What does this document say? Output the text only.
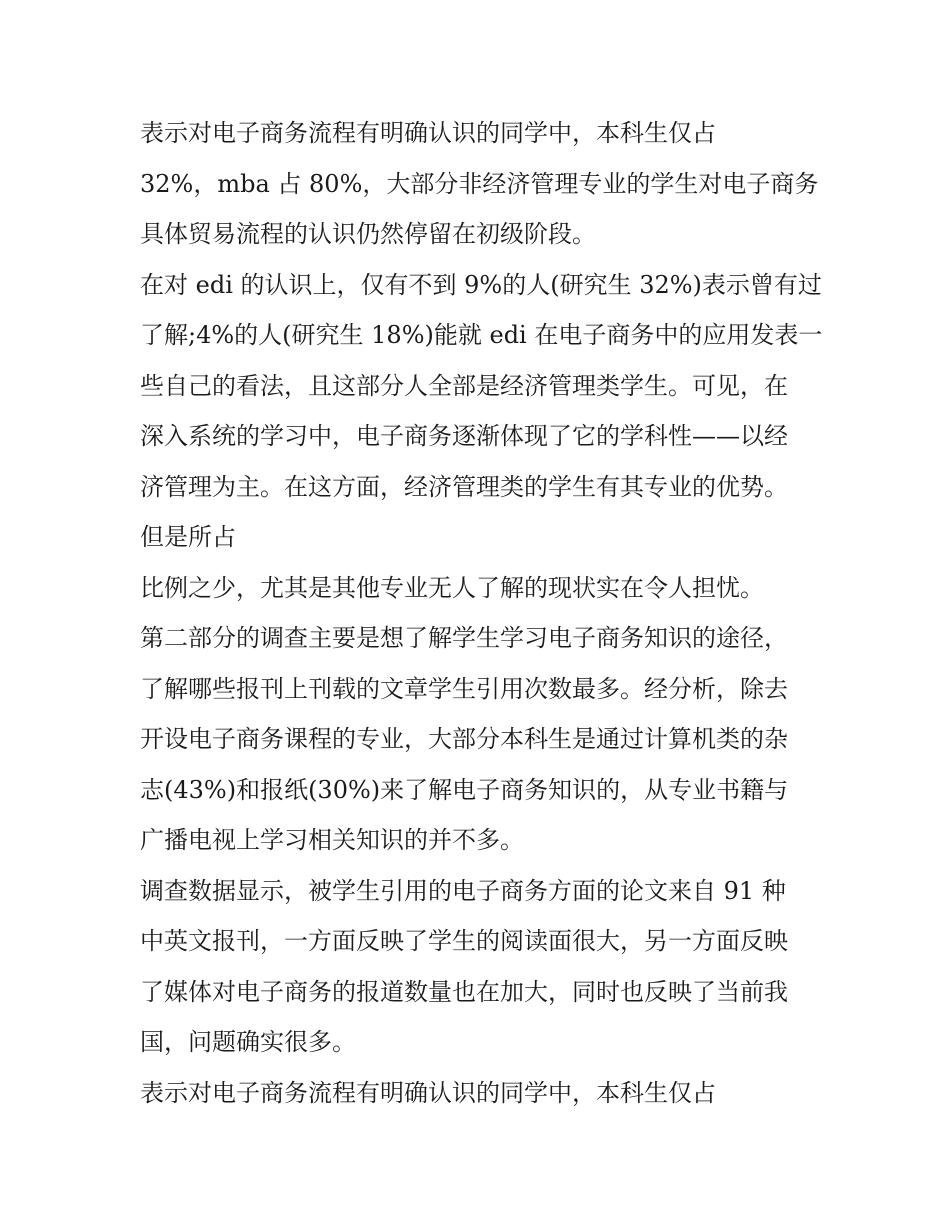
表示对电子商务流程有明确认识的同学中，本科生仅占
32%，mba 占 80%，大部分非经济管理专业的学生对电子商务
具体贸易流程的认识仍然停留在初级阶段。
在对 edi 的认识上，仅有不到 9%的人(研究生 32%)表示曾有过
了解;4%的人(研究生 18%)能就 edi 在电子商务中的应用发表一
些自己的看法，且这部分人全部是经济管理类学生。可见，在
深入系统的学习中，电子商务逐渐体现了它的学科性——以经
济管理为主。在这方面，经济管理类的学生有其专业的优势。
但是所占
比例之少，尤其是其他专业无人了解的现状实在令人担忧。
第二部分的调查主要是想了解学生学习电子商务知识的途径，
了解哪些报刊上刊载的文章学生引用次数最多。经分析，除去
开设电子商务课程的专业，大部分本科生是通过计算机类的杂
志(43%)和报纸(30%)来了解电子商务知识的，从专业书籍与
广播电视上学习相关知识的并不多。
调查数据显示，被学生引用的电子商务方面的论文来自 91 种
中英文报刊，一方面反映了学生的阅读面很大，另一方面反映
了媒体对电子商务的报道数量也在加大，同时也反映了当前我
国，问题确实很多。
表示对电子商务流程有明确认识的同学中，本科生仅占
